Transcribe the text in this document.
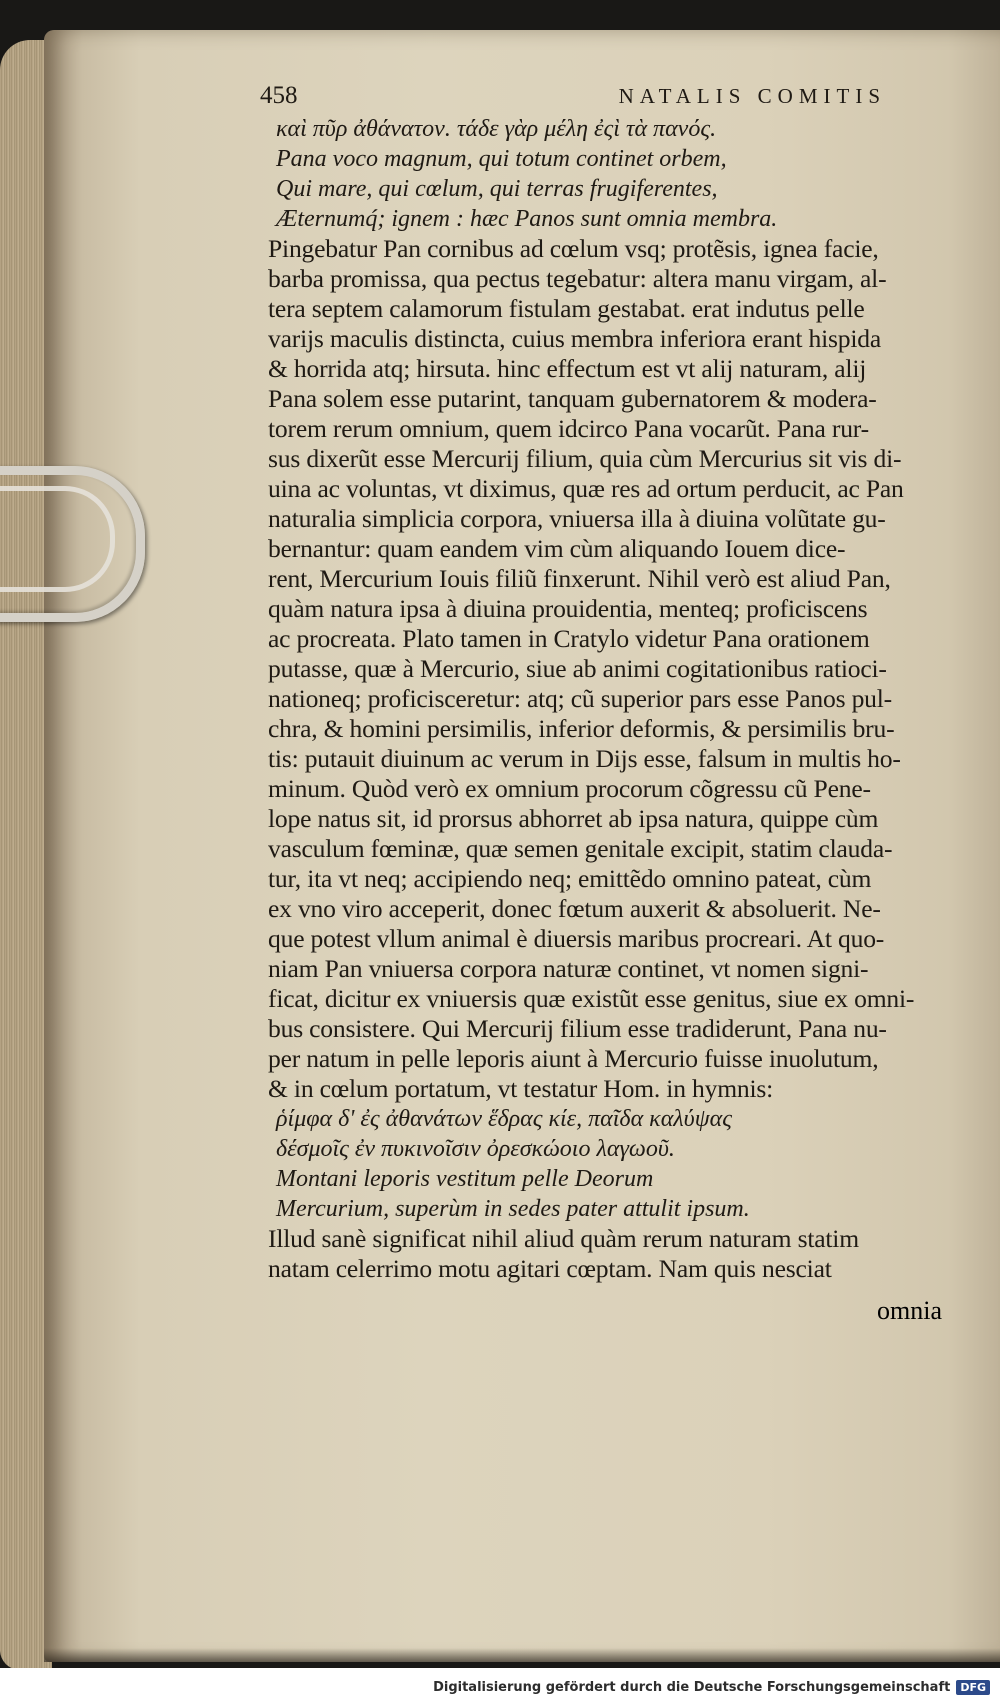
458	NATALIS COMITIS
καὶ πῦρ ἀθάνατον. τάδε γὰρ μέλη ἐςὶ τὰ πανός.
Pana voco magnum, qui totum continet orbem,
Qui mare, qui cœlum, qui terras frugiferentes,
Æternumq́; ignem : hæc Panos sunt omnia membra.
Pingebatur Pan cornibus ad cœlum vsq; protẽsis, ignea facie,
barba promissa, qua pectus tegebatur: altera manu virgam, al-
tera septem calamorum fistulam gestabat. erat indutus pelle
varijs maculis distincta, cuius membra inferiora erant hispida
& horrida atq; hirsuta. hinc effectum est vt alij naturam, alij
Pana solem esse putarint, tanquam gubernatorem & modera-
torem rerum omnium, quem idcirco Pana vocarũt. Pana rur-
sus dixerũt esse Mercurij filium, quia cùm Mercurius sit vis di-
uina ac voluntas, vt diximus, quæ res ad ortum perducit, ac Pan
naturalia simplicia corpora, vniuersa illa à diuina volũtate gu-
bernantur: quam eandem vim cùm aliquando Iouem dice-
rent, Mercurium Iouis filiũ finxerunt. Nihil verò est aliud Pan,
quàm natura ipsa à diuina prouidentia, menteq; proficiscens
ac procreata. Plato tamen in Cratylo videtur Pana orationem
putasse, quæ à Mercurio, siue ab animi cogitationibus ratioci-
nationeq; proficisceretur: atq; cũ superior pars esse Panos pul-
chra, & homini persimilis, inferior deformis, & persimilis bru-
tis: putauit diuinum ac verum in Dijs esse, falsum in multis ho-
minum. Quòd verò ex omnium procorum cõgressu cũ Pene-
lope natus sit, id prorsus abhorret ab ipsa natura, quippe cùm
vasculum fœminæ, quæ semen genitale excipit, statim clauda-
tur, ita vt neq; accipiendo neq; emittẽdo omnino pateat, cùm
ex vno viro acceperit, donec fœtum auxerit & absoluerit. Ne-
que potest vllum animal è diuersis maribus procreari. At quo-
niam Pan vniuersa corpora naturæ continet, vt nomen signi-
ficat, dicitur ex vniuersis quæ existũt esse genitus, siue ex omni-
bus consistere. Qui Mercurij filium esse tradiderunt, Pana nu-
per natum in pelle leporis aiunt à Mercurio fuisse inuolutum,
& in cœlum portatum, vt testatur Hom. in hymnis:
ῥίμφα δ' ἐς ἀθανάτων ἕδρας κίε, παῖδα καλύψας
δέσμοῖς ἐν πυκινοῖσιν ὀρεσκώοιο λαγωοῦ.
Montani leporis vestitum pelle Deorum
Mercurium, superùm in sedes pater attulit ipsum.
Illud sanè significat nihil aliud quàm rerum naturam statim
natam celerrimo motu agitari cœptam. Nam quis nesciat
omnia
Digitalisierung gefördert durch die Deutsche Forschungsgemeinschaft DFG
